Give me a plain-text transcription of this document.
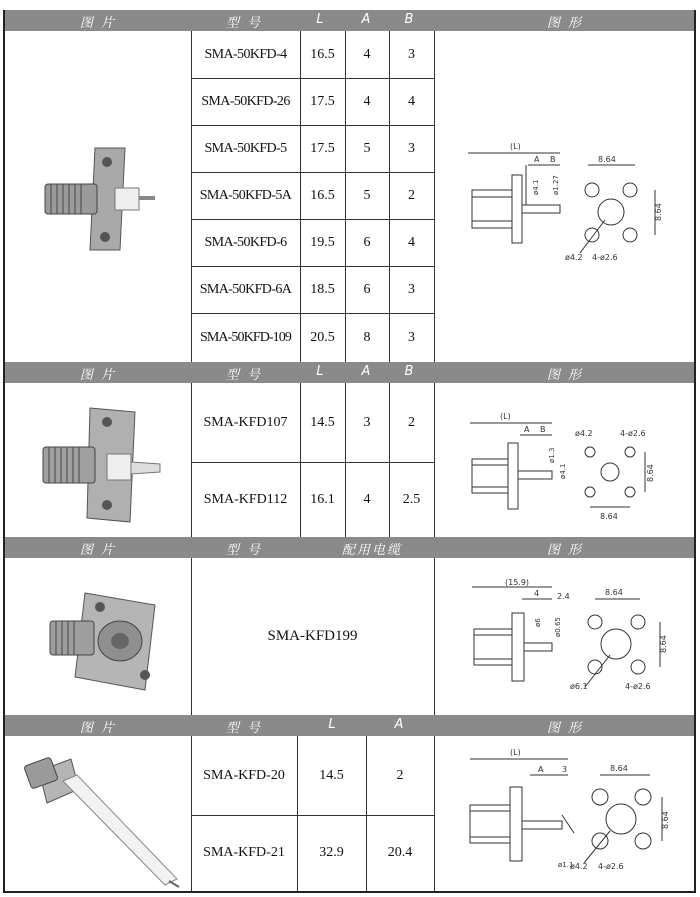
图 片	型 号	L	A B	图 形
SMA-50KFD-4	16.5	4	3
SMA-50KFD-26	17.5	4	4
SMA-50KFD-5	17.5	5	3
SMA-50KFD-5A	16.5	5	2
SMA-50KFD-6	19.5	6	4
SMA-50KFD-6A	18.5	6	3
SMA-50KFD-109	20.5	8	3
(L)
A B
ø4.1 ø1.27
8.64
8.64
ø4.2 4-ø2.6
图 片	型 号	L	A B	图 形
SMA-KFD107	14.5	3	2
SMA-KFD112	16.1	4	2.5
(L)
A B
ø1.3
ø4.1
ø4.2	4-ø2.6
8.64
8.64
图 片	型 号	配用电缆	图 形
SMA-KFD199
(15.9)
4 2.4
ø6 ø0.65
8.64
8.64
ø6.1	4-ø2.6
图 片	型 号	L	A	图 形
SMA-KFD-20	14.5	2
SMA-KFD-21	32.9	20.4
(L)
A 3
ø1.1
8.64
8.64
ø4.2 4-ø2.6
